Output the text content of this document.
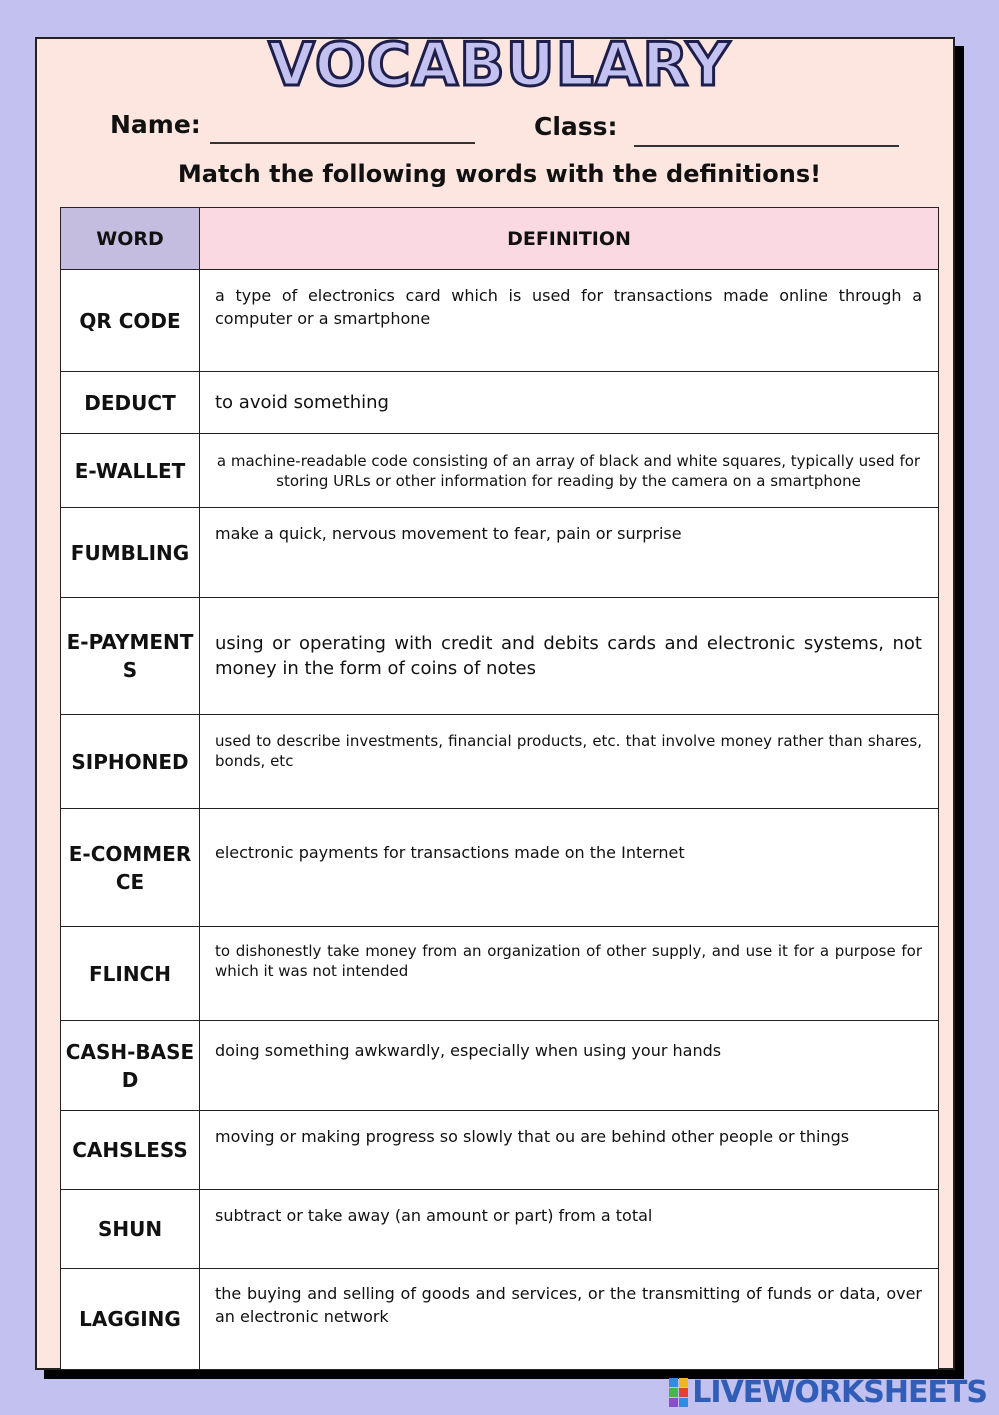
VOCABULARY
Name:	Class:
Match the following words with the definitions!
WORD	DEFINITION
QR CODE	a type of electronics card which is used for transactions made online through a computer or a smartphone
DEDUCT	to avoid something
E-WALLET	a machine-readable code consisting of an array of black and white squares, typically used for storing URLs or other information for reading by the camera on a smartphone
FUMBLING	make a quick, nervous movement to fear, pain or surprise
E-PAYMENTS	using or operating with credit and debits cards and electronic systems, not money in the form of coins of notes
SIPHONED	used to describe investments, financial products, etc. that involve money rather than shares, bonds, etc
E-COMMERCE	electronic payments for transactions made on the Internet
FLINCH	to dishonestly take money from an organization of other supply, and use it for a purpose for which it was not intended
CASH-BASED	doing something awkwardly, especially when using your hands
CAHSLESS	moving or making progress so slowly that ou are behind other people or things
SHUN	subtract or take away (an amount or part) from a total
LAGGING	the buying and selling of goods and services, or the transmitting of funds or data, over an electronic network
LIVEWORKSHEETS
